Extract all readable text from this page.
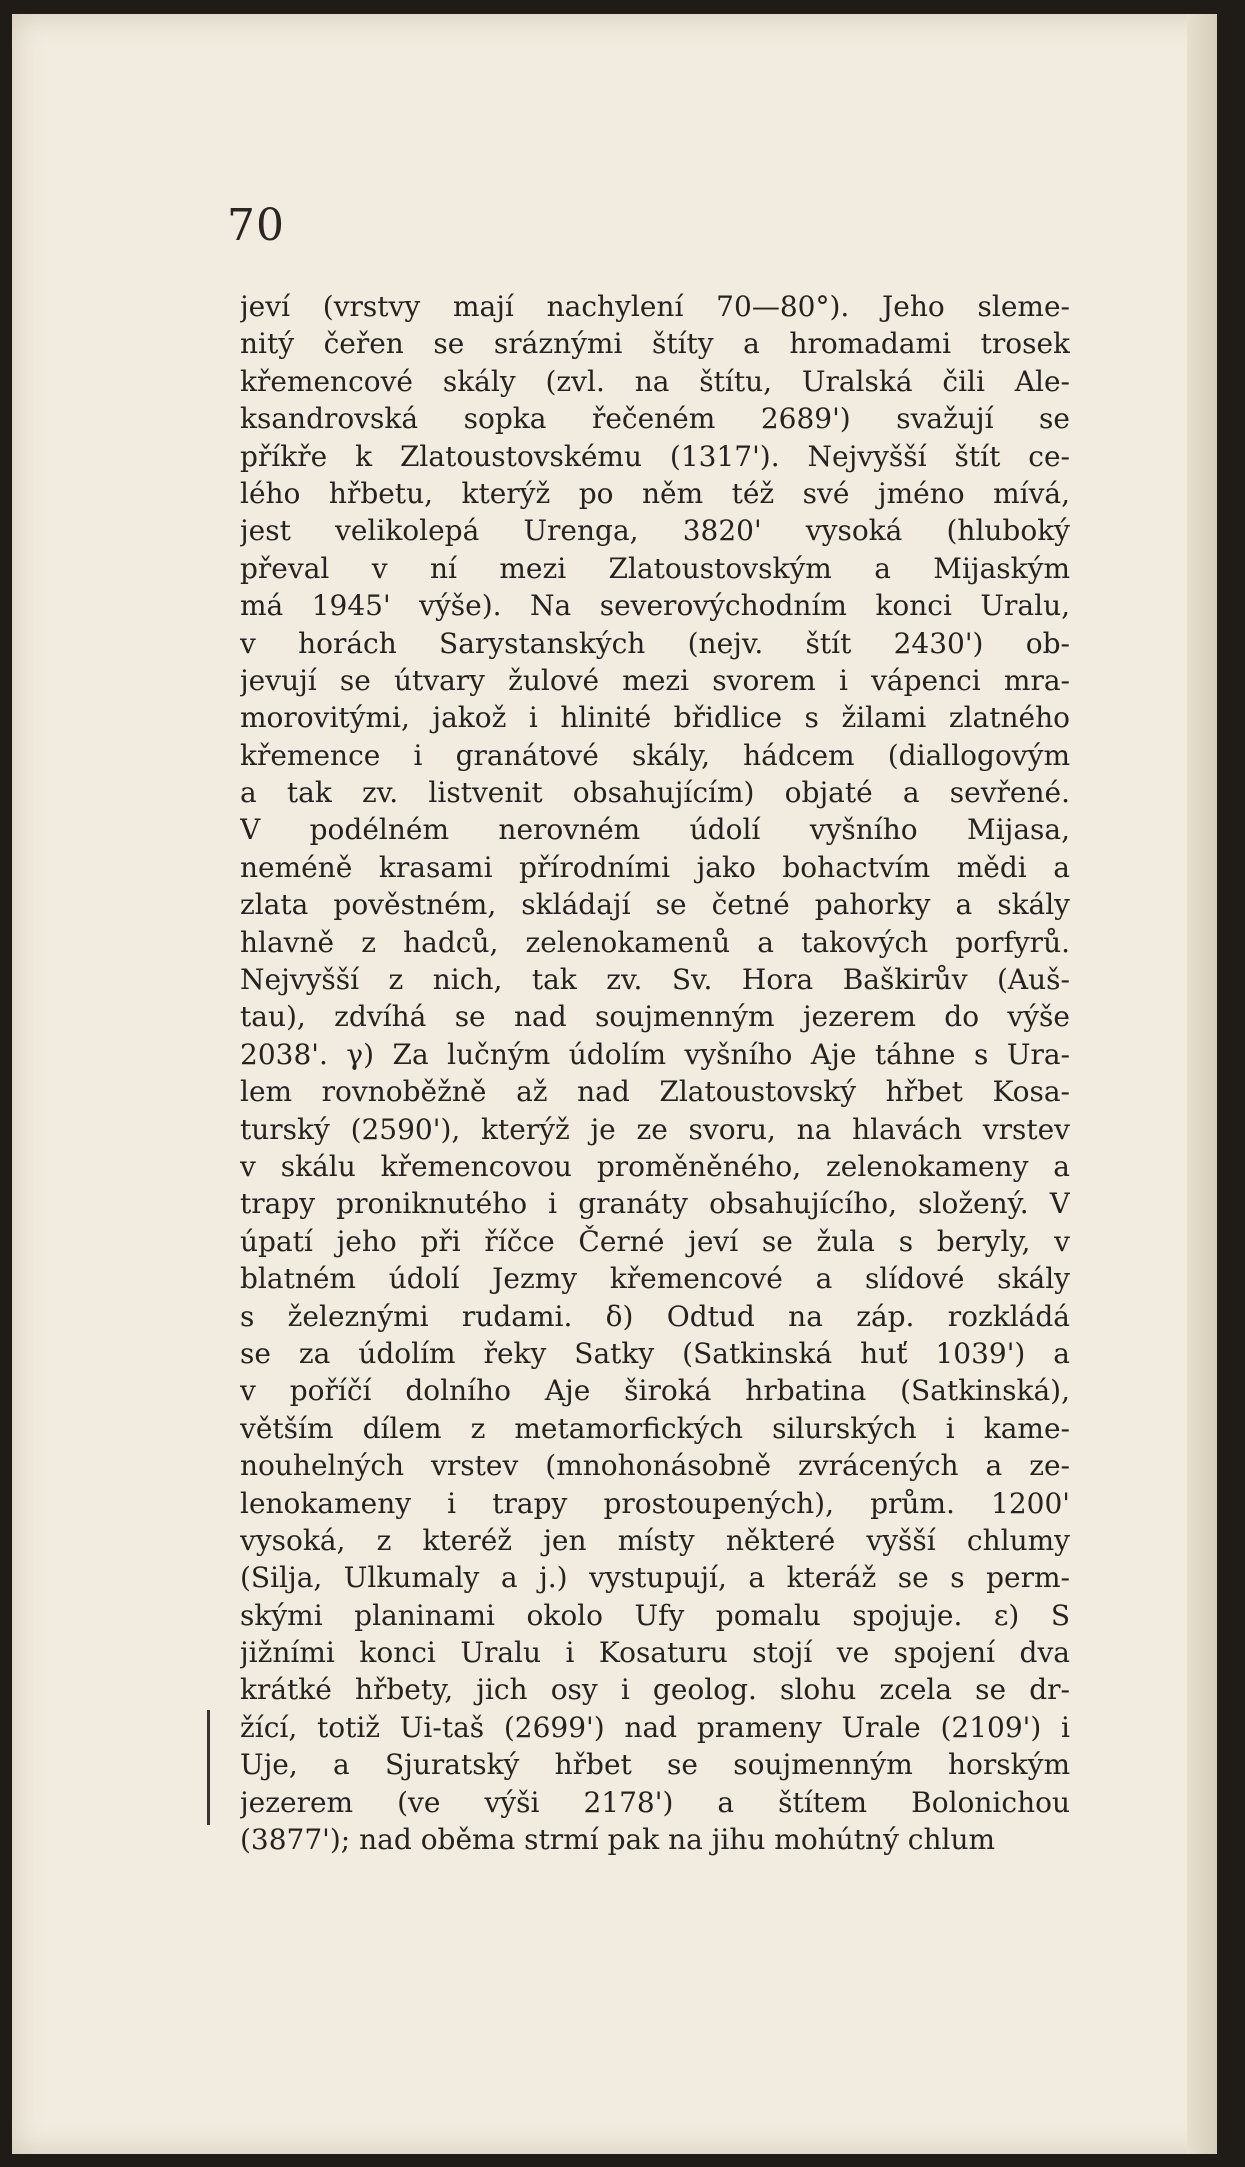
70
jeví (vrstvy mají nachylení 70—80°). Jeho sleme-
nitý čeřen se sráznými štíty a hromadami trosek
křemencové skály (zvl. na štítu, Uralská čili Ale-
ksandrovská sopka řečeném 2689') svažují se
příkře k Zlatoustovskému (1317'). Nejvyšší štít ce-
lého hřbetu, kterýž po něm též své jméno mívá,
jest velikolepá Urenga, 3820' vysoká (hluboký
převal v ní mezi Zlatoustovským a Mijaským
má 1945' výše). Na severovýchodním konci Uralu,
v horách Sarystanských (nejv. štít 2430') ob-
jevují se útvary žulové mezi svorem i vápenci mra-
morovitými, jakož i hlinité břidlice s žilami zlatného
křemence i granátové skály, hádcem (diallogovým
a tak zv. listvenit obsahujícím) objaté a sevřené.
V podélném nerovném údolí vyšního Mijasa,
neméně krasami přírodními jako bohactvím mědi a
zlata pověstném, skládají se četné pahorky a skály
hlavně z hadců, zelenokamenů a takových porfyrů.
Nejvyšší z nich, tak zv. Sv. Hora Baškirův (Auš-
tau), zdvíhá se nad soujmenným jezerem do výše
2038'. γ) Za lučným údolím vyšního Aje táhne s Ura-
lem rovnoběžně až nad Zlatoustovský hřbet Kosa-
turský (2590'), kterýž je ze svoru, na hlavách vrstev
v skálu křemencovou proměněného, zelenokameny a
trapy proniknutého i granáty obsahujícího, složený. V
úpatí jeho při říčce Černé jeví se žula s beryly, v
blatném údolí Jezmy křemencové a slídové skály
s železnými rudami. δ) Odtud na záp. rozkládá
se za údolím řeky Satky (Satkinská huť 1039') a
v poříčí dolního Aje široká hrbatina (Satkinská),
větším dílem z metamorfických silurských i kame-
nouhelných vrstev (mnohonásobně zvrácených a ze-
lenokameny i trapy prostoupených), prům. 1200'
vysoká, z kteréž jen místy některé vyšší chlumy
(Silja, Ulkumaly a j.) vystupují, a kteráž se s perm-
skými planinami okolo Ufy pomalu spojuje. ε) S
jižními konci Uralu i Kosaturu stojí ve spojení dva
krátké hřbety, jich osy i geolog. slohu zcela se dr-
žící, totiž Ui-taš (2699') nad prameny Urale (2109') i
Uje, a Sjuratský hřbet se soujmenným horským
jezerem (ve výši 2178') a štítem Bolonichou
(3877'); nad oběma strmí pak na jihu mohútný chlum
